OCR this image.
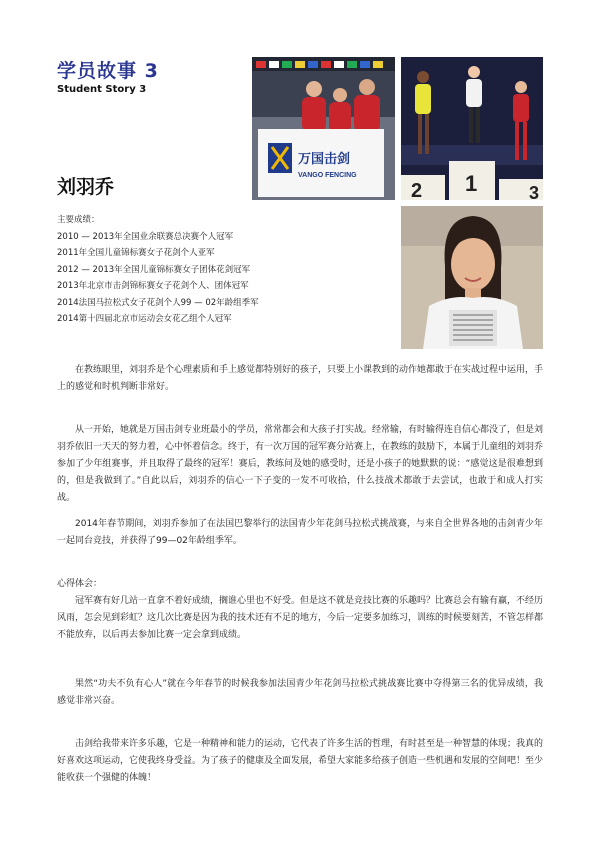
学员故事 3
Student Story 3
刘羽乔
主要成绩：
2010 — 2013年全国业余联赛总决赛个人冠军
2011年全国儿童锦标赛女子花剑个人亚军
2012 — 2013年全国儿童锦标赛女子团体花剑冠军
2013年北京市击剑锦标赛女子花剑个人、团体冠军
2014法国马拉松式女子花剑个人99 — 02年龄组季军
2014第十四届北京市运动会女花乙组个人冠军
万国击剑
VANGO FENCING
2 1	3

在教练眼里，刘羽乔是个心理素质和手上感觉都特别好的孩子，只要上小课教到的动作她都敢于在实战过程中运用，手上的感觉和时机判断非常好。

从一开始，她就是万国击剑专业班最小的学员，常常都会和大孩子打实战。经常输，有时输得连自信心都没了，但是刘羽乔依旧一天天的努力着，心中怀着信念。终于，有一次万国的冠军赛分站赛上，在教练的鼓励下，本属于儿童组的刘羽乔参加了少年组赛事，并且取得了最终的冠军！赛后，教练问及她的感受时，还是小孩子的她默默的说：“感觉这是很难想到的，但是我做到了。”自此以后，刘羽乔的信心一下子变的一发不可收拾，什么技战术都敢于去尝试，也敢于和成人打实战。

2014年春节期间，刘羽乔参加了在法国巴黎举行的法国青少年花剑马拉松式挑战赛，与来自全世界各地的击剑青少年一起同台竞技，并获得了99—02年龄组季军。

心得体会：

冠军赛有好几站一直拿不着好成绩，搁谁心里也不好受。但是这不就是竞技比赛的乐趣吗？比赛总会有输有赢，不经历风雨，怎会见到彩虹？这几次比赛是因为我的技术还有不足的地方，今后一定要多加练习，训练的时候要刻苦，不管怎样都不能放弃，以后再去参加比赛一定会拿到成绩。

果然“功夫不负有心人”就在今年春节的时候我参加法国青少年花剑马拉松式挑战赛比赛中夺得第三名的优异成绩，我感觉非常兴奋。

击剑给我带来许多乐趣，它是一种精神和能力的运动，它代表了许多生活的哲理，有时甚至是一种智慧的体现；我真的好喜欢这项运动，它使我终身受益。为了孩子的健康及全面发展，希望大家能多给孩子创造一些机遇和发展的空间吧！至少能收获一个强健的体魄！
